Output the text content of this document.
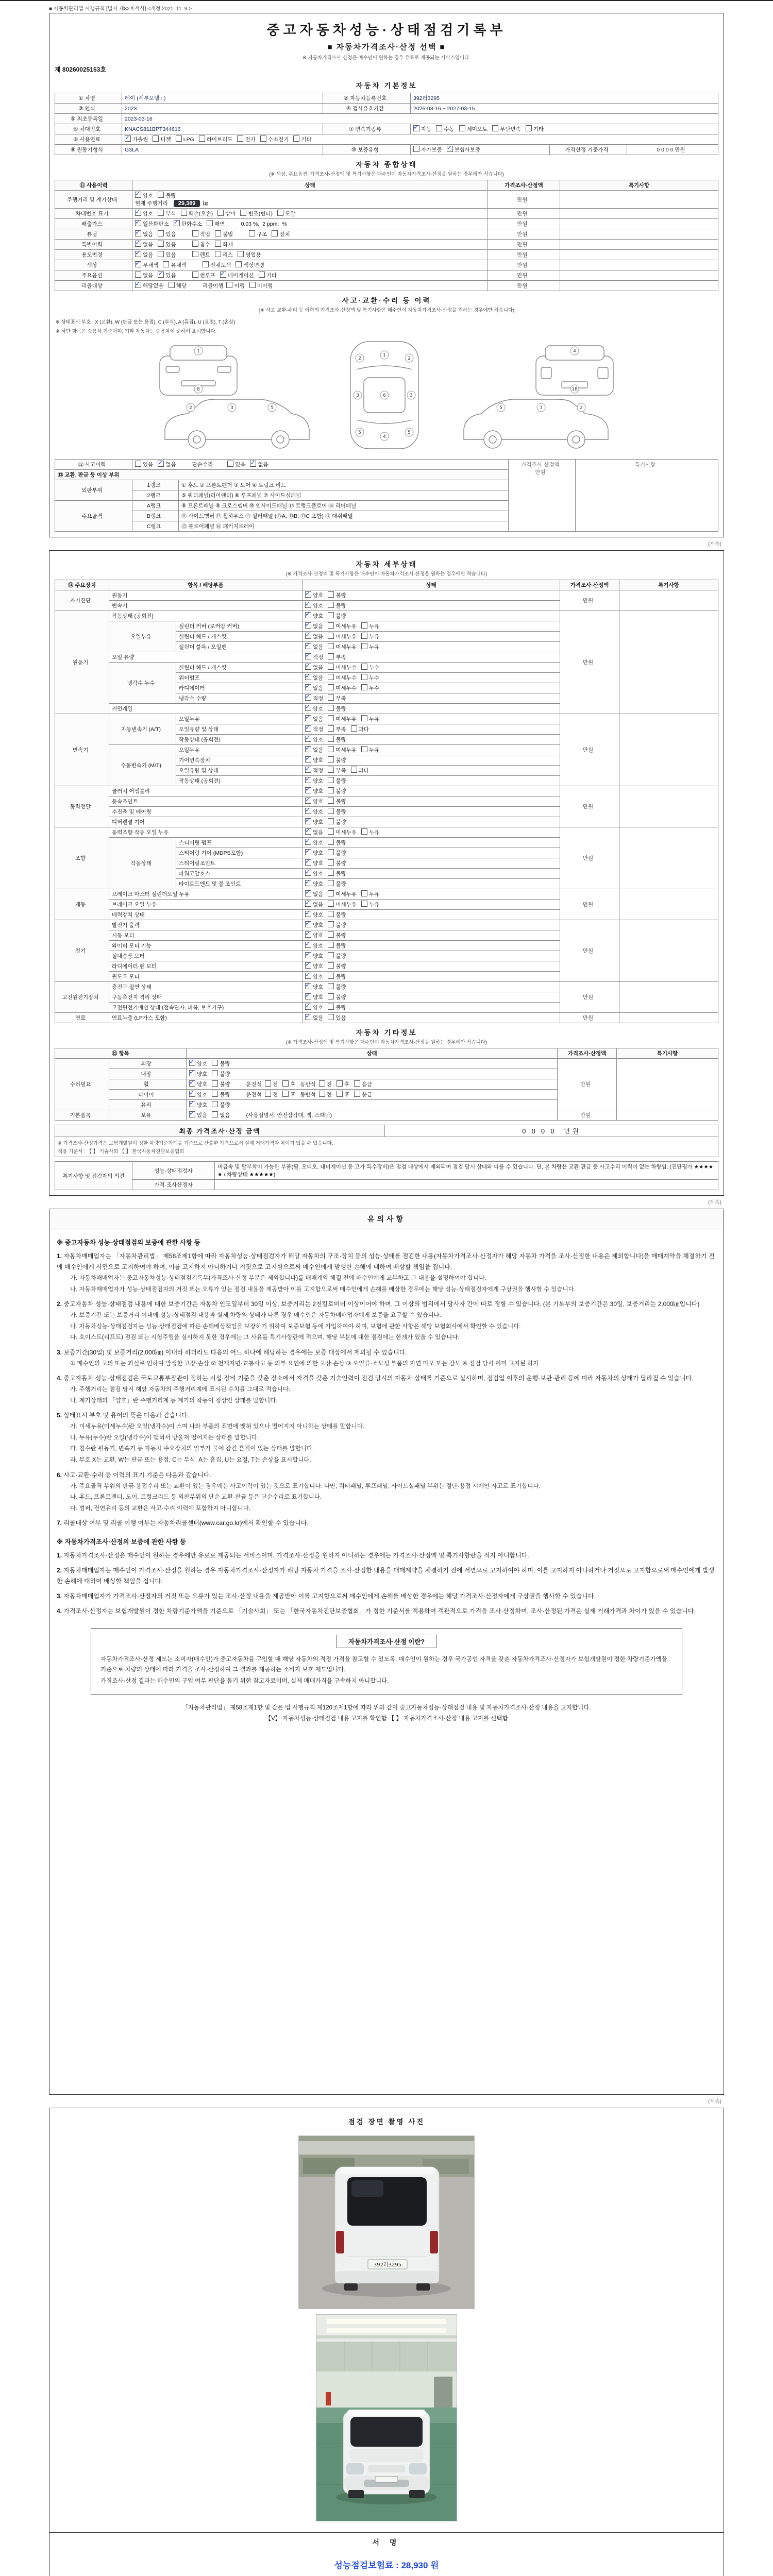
■ 자동차관리법 시행규칙 [별지 제82호서식] <개정 2021. 11. 9.>
중고자동차성능·상태점검기록부
■ 자동차가격조사·산정 선택 ■
※ 자동차가격조사·산정은 매수인이 원하는 경우 유료로 제공되는 서비스입니다.
제 80260025153호
자동차 기본정보
① 차명	레이 (세부모델 : )	② 자동차등록번호	392러3295		
③ 연식	2023	④ 검사유효기간	2026-03-16 ~ 2027-03-15		
⑤ 최초등록일	2023-03-16				
⑥ 차대번호	KNACS811BPT344616	⑦ 변속기종류	✓자동 수동 세미오토 무단변속 기타
⑧ 사용연료	✓가솔린 디젤 LPG 하이브리드 전기 수소전기 기타
⑨ 원동기형식	G3LA	⑩ 보증유형	자가보증 ✓ 보험사보증	가격산정 기준가격	0 0 0 0 만원
자동차 종합상태
(※ 색상, 주요옵션, 가격조사·산정액 및 특기사항은 매수인이 자동차가격조사·산정을 원하는 경우에만 적습니다)
⑪ 사용이력	상태	가격조사·산정액	특기사항
주행거리 및 계기상태	✓양호 불량
현재 주행거리 29,389 ㎞	만원	
차대번호 표기	✓양호 부식 훼손(오손) 상이 변조(변타) 도말	만원	
배출가스	✓일산화탄소 ✓ 탄화수소 매연 0.03 %, 2 ppm, %	만원	
튜닝	✓없음 있음 적법 불법 구조 장치	만원	
특별이력	✓없음 있음 침수 화재	만원	
용도변경	✓없음 있음 렌트 리스 영업용	만원	
색상	✓무채색 유채색 전체도색 색상변경	만원	
주요옵션	없음 ✓ 있음 썬루프 ✓ 네비게이션 기타	만원	
리콜대상	✓해당없음 해당 리콜이행 이행 미이행	만원	
사고·교환·수리 등 이력
(※ 사고·교환·수리 등 이력의 가격조사·산정액 및 특기사항은 매수인이 자동차가격조사·산정을 원하는 경우에만 적습니다)
※ 상태표시 부호 : X (교환), W (판금 또는 용접), C (부식), A (흠집), U (요철), T (손상)
※ 하단 항목은 승용차 기준이며, 기타 자동차는 승용차에 준하여 표시합니다.
1
6
4
2	2
3	3
5	5
1
8
4
18
2	3	5	5	3	2
⑫ 사고이력	있음 ✓ 없음 단순수리 있음 ✓ 없음		가격조사·산정액
만원	특기사항
⑬ 교환, 판금 등 이상 부위				
외판부위	1랭크	① 후드 ② 프론트펜더 ③ 도어 ④ 트렁크 리드		
	2랭크	⑤ 쿼터패널(리어펜더) ⑥ 루프패널 ⑦ 사이드실패널		
주요골격	A랭크	⑧ 프론트패널 ⑨ 크로스멤버 ⑩ 인사이드패널 ⑰ 트렁크플로어 ⑱ 리어패널		
	B랭크	⑪ 사이드멤버 ⑫ 휠하우스 ⑬ 필러패널 (⑬A, ⑬B, ⑬C 포함) ⑭ 대쉬패널		
	C랭크	⑮ 플로어패널 ⑯ 패키지트레이		
(계속)
자동차 세부상태
(※ 가격조사·산정액 및 특기사항은 매수인이 자동차가격조사·산정을 원하는 경우에만 적습니다)
⑭ 주요장치	항목 / 해당부품		상태	가격조사·산정액	특기사항
자기진단	원동기	✓양호 불량	만원	
	변속기	✓양호 불량
원동기	작동상태 (공회전)	✓양호 불량	만원	
	오일누유	실린더 커버 (로커암 커버)	✓없음 미세누유 누유
		실린더 헤드 / 개스킷	✓없음 미세누유 누유
		실린더 블록 / 오일팬	✓없음 미세누유 누유
	오일 유량	✓적정 부족
	냉각수 누수	실린더 헤드 / 개스킷	✓없음 미세누수 누수
		워터펌프	✓없음 미세누수 누수
		라디에이터	✓없음 미세누수 누수
		냉각수 수량	✓적정 부족
	커먼레일	✓양호 불량
변속기	자동변속기 (A/T)	오일누유	✓없음 미세누유 누유	만원	
		오일유량 및 상태	✓적정 부족 과다
		작동상태 (공회전)	✓양호 불량
	수동변속기 (M/T)	오일누유	✓없음 미세누유 누유
		기어변속장치	✓양호 불량
		오일유량 및 상태	✓적정 부족 과다
		작동상태 (공회전)	✓양호 불량
동력전달	클러치 어셈블리	✓양호 불량	만원	
	등속조인트	✓양호 불량
	추진축 및 베어링	✓양호 불량
	디퍼렌셜 기어	✓양호 불량
조향	동력조향 작동 오일 누유	✓없음 미세누유 누유	만원	
	작동상태	스티어링 펌프	✓양호 불량
		스티어링 기어 (MDPS포함)	✓양호 불량
		스티어링조인트	✓양호 불량
		파워고압호스	✓양호 불량
		타이로드엔드 및 볼 조인트	✓양호 불량
제동	브레이크 마스터 실린더오일 누유	✓없음 미세누유 누유	만원	
	브레이크 오일 누유	✓없음 미세누유 누유
	배력장치 상태	✓양호 불량
전기	발전기 출력	✓양호 불량	만원	
	시동 모터	✓양호 불량
	와이퍼 모터 기능	✓양호 불량
	실내송풍 모터	✓양호 불량
	라디에이터 팬 모터	✓양호 불량
	윈도우 모터	✓양호 불량
고전원전기장치	충전구 절연 상태	✓양호 불량	만원	
	구동축전지 격리 상태	✓양호 불량
	고전원전기배선 상태 (접속단자, 피복, 보호기구)	✓양호 불량
연료	연료누출 (LP가스 포함)	✓없음 있음	만원	
자동차 기타정보
(※ 가격조사·산정액 및 특기사항은 매수인이 자동차가격조사·산정을 원하는 경우에만 적습니다)
⑮ 항목		상태	가격조사·산정액	특기사항
수리필요	외장	✓양호 불량	만원	
	내장	✓양호 불량
	휠	✓양호 불량 운전석 전 후 동반석 전 후 응급
	타이어	✓양호 불량 운전석 전 후 동반석 전 후 응급
	유리	✓양호 불량
기본품목	보유	✓있음 없음 (사용설명서, 안전삼각대, 잭, 스패너)	만원	
최종 가격조사·산정 금액	0 0 0 0 만원

※ 가격조사·산정가격은 보험개발원이 정한 차량기준가액을 기준으로 산출한 가격으로서 실제 거래가격과 차이가 있을 수 있습니다.
적용 기준서 : 【 】 기술사회 【 】 한국자동차진단보증협회
특기사항 및 점검자의 의견	성능·상태점검자	비금속 및 탈부착이 가능한 부품(휠, 오디오, 내비게이션 등 고가 특수장비)은 점검 대상에서 제외되며 점검 당시 상태와 다를 수 있습니다. 단, 본 차량은 교환·판금 등 사고수리 이력이 없는 차량임. (진단평가 ★★★★★ / 차량상태 ★★★★★)
	가격·조사산정자	
(계속)
유의사항
※ 중고자동차 성능·상태점검의 보증에 관한 사항 등
1. 자동차매매업자는 「자동차관리법」 제58조제1항에 따라 자동차성능·상태점검자가 해당 자동차의 구조·장치 등의 성능·상태를 점검한 내용(자동차가격조사·산정자가 해당 자동차 가격을 조사·산정한 내용은 제외합니다)을 매매계약을 체결하기 전에 매수인에게 서면으로 고지하여야 하며, 이를 고지하지 아니하거나 거짓으로 고지함으로써 매수인에게 발생한 손해에 대하여 배상할 책임을 집니다.
가. 자동차매매업자는 중고자동차성능·상태점검기록부(가격조사·산정 부분은 제외합니다)를 매매계약 체결 전에 매수인에게 교부하고 그 내용을 설명하여야 합니다.
나. 자동차매매업자가 성능·상태점검자의 거짓 또는 오류가 있는 점검 내용을 제공받아 이를 고지함으로써 매수인에게 손해를 배상한 경우에는 해당 성능·상태점검자에게 구상권을 행사할 수 있습니다.
2. 중고자동차 성능·상태점검 내용에 대한 보증기간은 자동차 인도일부터 30일 이상, 보증거리는 2천킬로미터 이상이어야 하며, 그 이상의 범위에서 당사자 간에 따로 정할 수 있습니다. (본 기록부의 보증기간은 30일, 보증거리는 2,000㎞입니다)
가. 보증기간 또는 보증거리 이내에 성능·상태점검 내용과 실제 차량의 상태가 다른 경우 매수인은 자동차매매업자에게 보증을 요구할 수 있습니다.
나. 자동차성능·상태점검자는 성능·상태점검에 따른 손해배상책임을 보장하기 위하여 보증보험 등에 가입하여야 하며, 보험에 관한 사항은 해당 보험회사에서 확인할 수 있습니다.
다. 호이스트(리프트) 점검 또는 시험주행을 실시하지 못한 경우에는 그 사유를 특기사항란에 적으며, 해당 부분에 대한 점검에는 한계가 있을 수 있습니다.
3. 보증기간(30일) 및 보증거리(2,000㎞) 이내라 하더라도 다음의 어느 하나에 해당하는 경우에는 보증 대상에서 제외될 수 있습니다.
① 매수인의 고의 또는 과실로 인하여 발생한 고장·손상 ② 천재지변·교통사고 등 외부 요인에 의한 고장·손상 ③ 오일류·소모성 부품의 자연 마모 또는 감모 ④ 점검 당시 이미 고지된 하자
4. 중고자동차 성능·상태점검은 국토교통부장관이 정하는 시설·장비 기준을 갖춘 장소에서 자격을 갖춘 기술인력이 점검 당시의 자동차 상태를 기준으로 실시하며, 점검일 이후의 운행·보관·관리 등에 따라 자동차의 상태가 달라질 수 있습니다.
가. 주행거리는 점검 당시 해당 자동차의 주행거리계에 표시된 수치를 그대로 적습니다.
나. 계기상태의 「양호」란 주행거리계 등 계기의 작동이 정상인 상태를 말합니다.
5. 상태표시 부호 및 용어의 뜻은 다음과 같습니다.
가. 미세누유(미세누수)란 오일(냉각수)이 스며 나와 부품의 표면에 맺혀 있으나 떨어지지 아니하는 상태를 말합니다.
나. 누유(누수)란 오일(냉각수)이 맺혀서 방울져 떨어지는 상태를 말합니다.
다. 침수란 원동기, 변속기 등 자동차 주요장치의 일부가 물에 잠긴 흔적이 있는 상태를 말합니다.
라. 부호 X는 교환, W는 판금 또는 용접, C는 부식, A는 흠집, U는 요철, T는 손상을 표시합니다.
6. 사고·교환·수리 등 이력의 표기 기준은 다음과 같습니다.
가. 주요골격 부위의 판금·용접수리 또는 교환이 있는 경우에는 사고이력이 있는 것으로 표기합니다. 다만, 쿼터패널, 루프패널, 사이드실패널 부위는 절단·용접 시에만 사고로 표기합니다.
나. 후드, 프론트펜더, 도어, 트렁크리드 등 외판부위의 단순 교환·판금 등은 단순수리로 표기합니다.
다. 범퍼, 전면유리 등의 교환은 사고·수리 이력에 포함하지 아니합니다.
7. 리콜대상 여부 및 리콜 이행 여부는 자동차리콜센터(www.car.go.kr)에서 확인할 수 있습니다.
※ 자동차가격조사·산정의 보증에 관한 사항 등
1. 자동차가격조사·산정은 매수인이 원하는 경우에만 유료로 제공되는 서비스이며, 가격조사·산정을 원하지 아니하는 경우에는 가격조사·산정액 및 특기사항란을 적지 아니합니다.
2. 자동차매매업자는 매수인이 가격조사·산정을 원하는 경우 자동차가격조사·산정자가 해당 자동차 가격을 조사·산정한 내용을 매매계약을 체결하기 전에 서면으로 고지하여야 하며, 이를 고지하지 아니하거나 거짓으로 고지함으로써 매수인에게 발생한 손해에 대하여 배상할 책임을 집니다.
3. 자동차매매업자가 가격조사·산정자의 거짓 또는 오류가 있는 조사·산정 내용을 제공받아 이를 고지함으로써 매수인에게 손해를 배상한 경우에는 해당 가격조사·산정자에게 구상권을 행사할 수 있습니다.
4. 가격조사·산정자는 보험개발원이 정한 차량기준가액을 기준으로 「기술사회」 또는 「한국자동차진단보증협회」가 정한 기준서를 적용하여 객관적으로 가격을 조사·산정하며, 조사·산정된 가격은 실제 거래가격과 차이가 있을 수 있습니다.
자동차가격조사·산정 이란?
자동차가격조사·산정 제도는 소비자(매수인)가 중고자동차를 구입할 때 해당 자동차의 적정 가격을 참고할 수 있도록, 매수인이 원하는 경우 국가공인 자격을 갖춘 자동차가격조사·산정자가 보험개발원이 정한 차량기준가액을 기준으로 차량의 상태에 따라 가격을 조사·산정하여 그 결과를 제공하는 소비자 보호 제도입니다.
가격조사·산정 결과는 매수인의 구입 여부 판단을 돕기 위한 참고자료이며, 실제 매매가격을 구속하지 아니합니다.
「자동차관리법」 제58조제1항 및 같은 법 시행규칙 제120조제1항에 따라 위와 같이 중고자동차성능·상태점검 내용 및 자동차가격조사·산정 내용을 고지합니다.
【V】 자동차성능·상태점검 내용 고지를 확인함 【 】 자동차가격조사·산정 내용 고지를 선택함
(계속)
점검 장면 촬영 사진
392러3295
서 명
성능점검보험료 : 28,930 원
